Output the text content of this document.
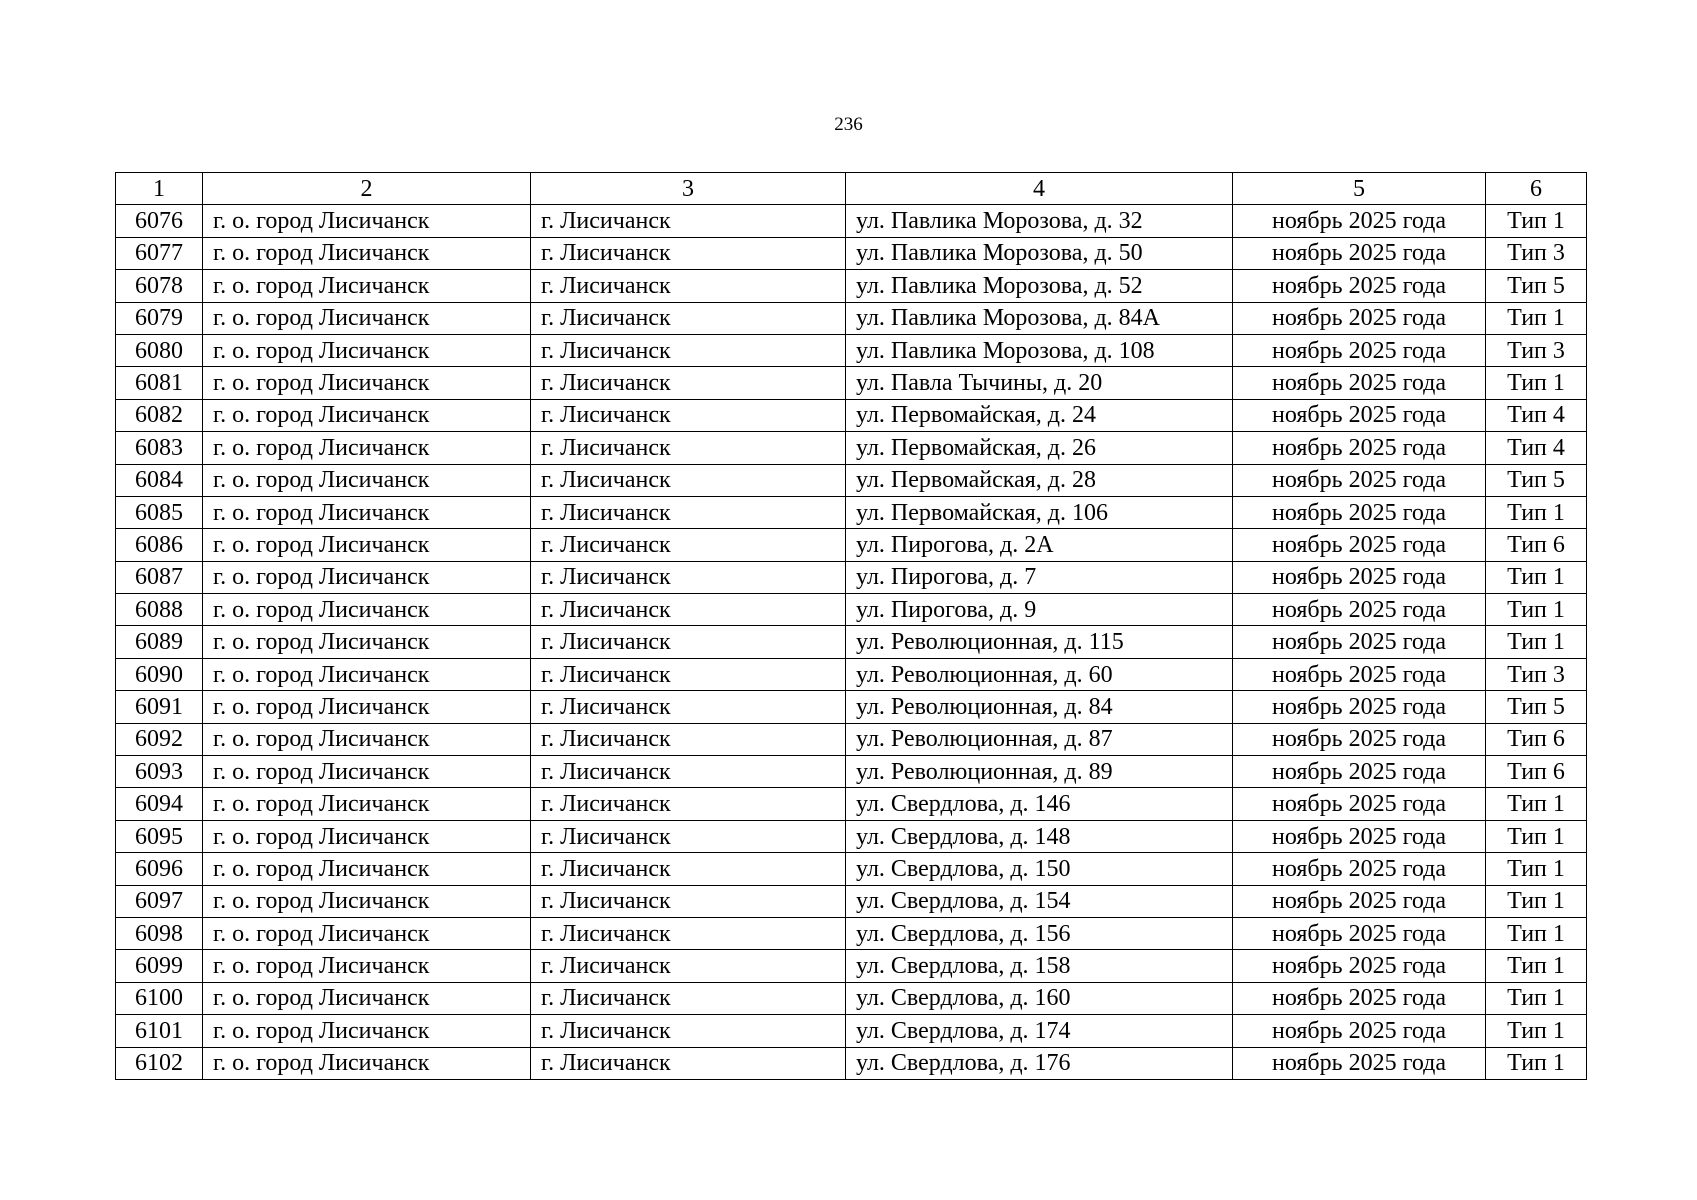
236
1	2	3	4	5	6
6076	г. о. город Лисичанск	г. Лисичанск	ул. Павлика Морозова, д. 32	ноябрь 2025 года	Тип 1
6077	г. о. город Лисичанск	г. Лисичанск	ул. Павлика Морозова, д. 50	ноябрь 2025 года	Тип 3
6078	г. о. город Лисичанск	г. Лисичанск	ул. Павлика Морозова, д. 52	ноябрь 2025 года	Тип 5
6079	г. о. город Лисичанск	г. Лисичанск	ул. Павлика Морозова, д. 84А	ноябрь 2025 года	Тип 1
6080	г. о. город Лисичанск	г. Лисичанск	ул. Павлика Морозова, д. 108	ноябрь 2025 года	Тип 3
6081	г. о. город Лисичанск	г. Лисичанск	ул. Павла Тычины, д. 20	ноябрь 2025 года	Тип 1
6082	г. о. город Лисичанск	г. Лисичанск	ул. Первомайская, д. 24	ноябрь 2025 года	Тип 4
6083	г. о. город Лисичанск	г. Лисичанск	ул. Первомайская, д. 26	ноябрь 2025 года	Тип 4
6084	г. о. город Лисичанск	г. Лисичанск	ул. Первомайская, д. 28	ноябрь 2025 года	Тип 5
6085	г. о. город Лисичанск	г. Лисичанск	ул. Первомайская, д. 106	ноябрь 2025 года	Тип 1
6086	г. о. город Лисичанск	г. Лисичанск	ул. Пирогова, д. 2А	ноябрь 2025 года	Тип 6
6087	г. о. город Лисичанск	г. Лисичанск	ул. Пирогова, д. 7	ноябрь 2025 года	Тип 1
6088	г. о. город Лисичанск	г. Лисичанск	ул. Пирогова, д. 9	ноябрь 2025 года	Тип 1
6089	г. о. город Лисичанск	г. Лисичанск	ул. Революционная, д. 115	ноябрь 2025 года	Тип 1
6090	г. о. город Лисичанск	г. Лисичанск	ул. Революционная, д. 60	ноябрь 2025 года	Тип 3
6091	г. о. город Лисичанск	г. Лисичанск	ул. Революционная, д. 84	ноябрь 2025 года	Тип 5
6092	г. о. город Лисичанск	г. Лисичанск	ул. Революционная, д. 87	ноябрь 2025 года	Тип 6
6093	г. о. город Лисичанск	г. Лисичанск	ул. Революционная, д. 89	ноябрь 2025 года	Тип 6
6094	г. о. город Лисичанск	г. Лисичанск	ул. Свердлова, д. 146	ноябрь 2025 года	Тип 1
6095	г. о. город Лисичанск	г. Лисичанск	ул. Свердлова, д. 148	ноябрь 2025 года	Тип 1
6096	г. о. город Лисичанск	г. Лисичанск	ул. Свердлова, д. 150	ноябрь 2025 года	Тип 1
6097	г. о. город Лисичанск	г. Лисичанск	ул. Свердлова, д. 154	ноябрь 2025 года	Тип 1
6098	г. о. город Лисичанск	г. Лисичанск	ул. Свердлова, д. 156	ноябрь 2025 года	Тип 1
6099	г. о. город Лисичанск	г. Лисичанск	ул. Свердлова, д. 158	ноябрь 2025 года	Тип 1
6100	г. о. город Лисичанск	г. Лисичанск	ул. Свердлова, д. 160	ноябрь 2025 года	Тип 1
6101	г. о. город Лисичанск	г. Лисичанск	ул. Свердлова, д. 174	ноябрь 2025 года	Тип 1
6102	г. о. город Лисичанск	г. Лисичанск	ул. Свердлова, д. 176	ноябрь 2025 года	Тип 1
